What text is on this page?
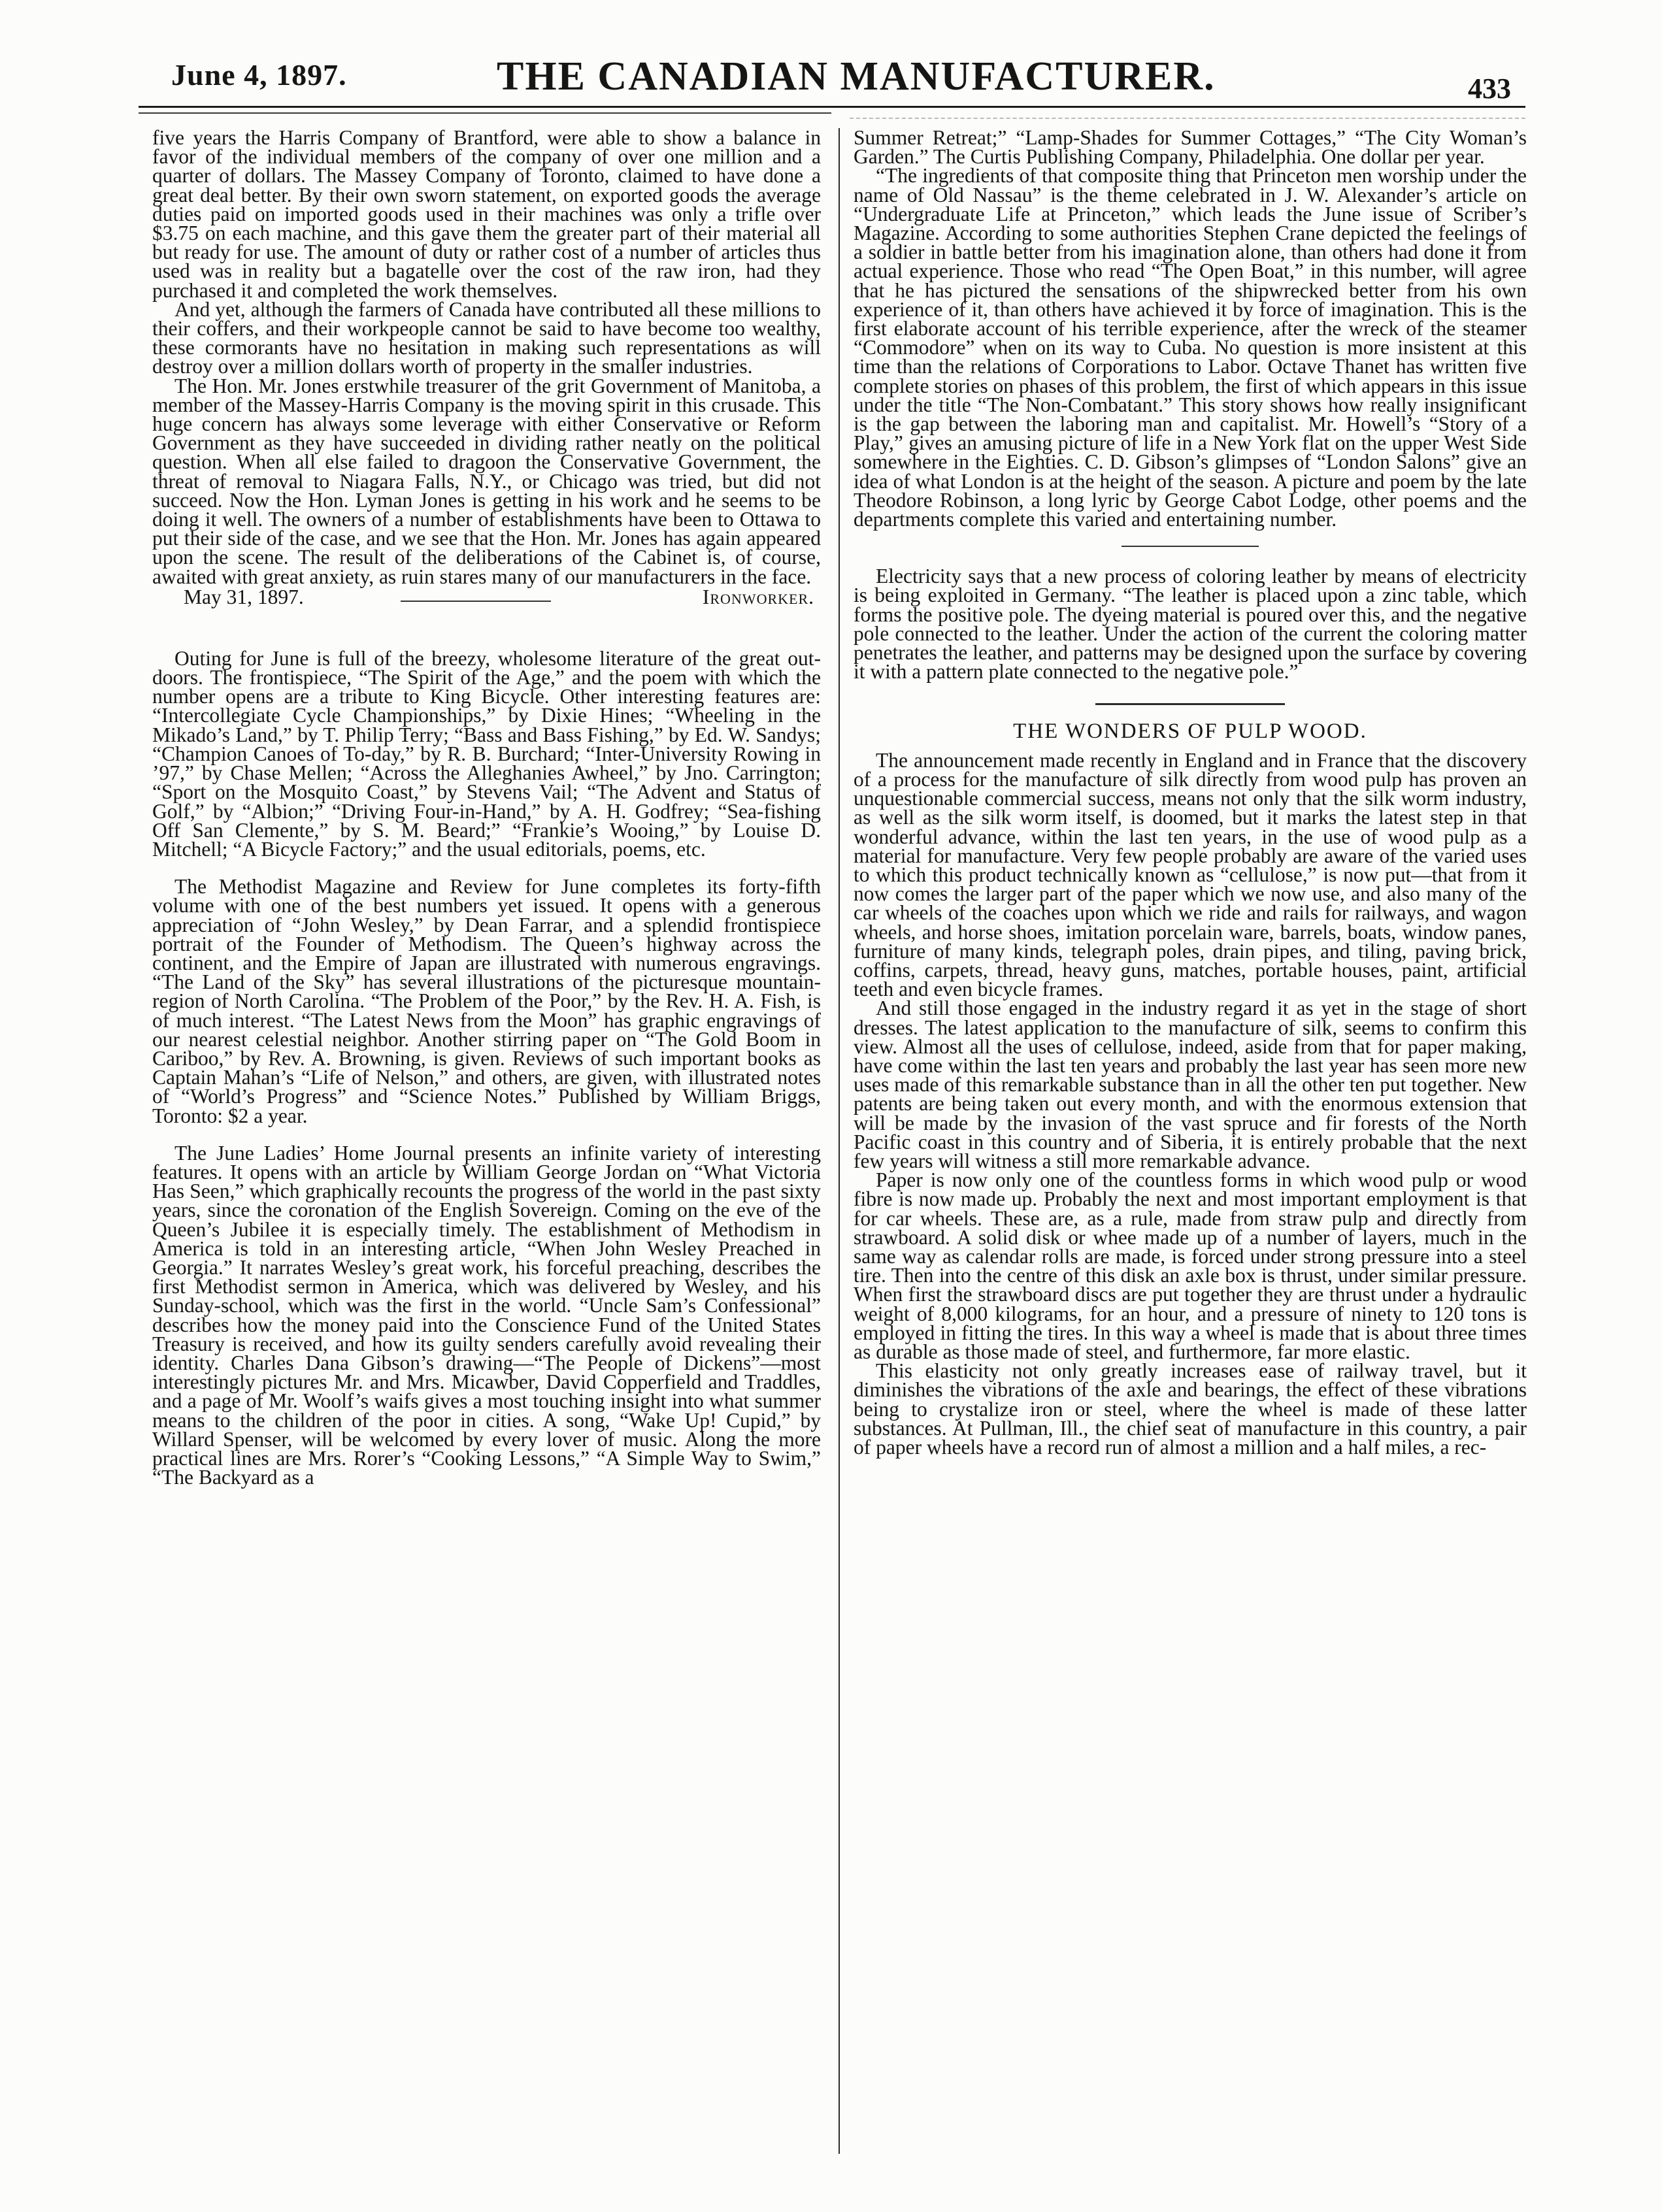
June 4, 1897.	THE CANADIAN MANUFACTURER.	433

five years the Harris Company of Brantford, were able to show a balance in favor of the individual members of the company of over one million and a quarter of dollars. The Massey Company of Toronto, claimed to have done a great deal better. By their own sworn statement, on exported goods the average duties paid on imported goods used in their machines was only a trifle over $3.75 on each machine, and this gave them the greater part of their material all but ready for use. The amount of duty or rather cost of a number of articles thus used was in reality but a bagatelle over the cost of the raw iron, had they purchased it and completed the work themselves.

And yet, although the farmers of Canada have contributed all these millions to their coffers, and their workpeople cannot be said to have become too wealthy, these cormorants have no hesitation in making such representations as will destroy over a million dollars worth of property in the smaller industries.

The Hon. Mr. Jones erstwhile treasurer of the grit Government of Manitoba, a member of the Massey-Harris Company is the moving spirit in this crusade. This huge concern has always some leverage with either Conservative or Reform Government as they have succeeded in dividing rather neatly on the political question. When all else failed to dragoon the Conservative Government, the threat of removal to Niagara Falls, N.Y., or Chicago was tried, but did not succeed. Now the Hon. Lyman Jones is getting in his work and he seems to be doing it well. The owners of a number of establishments have been to Ottawa to put their side of the case, and we see that the Hon. Mr. Jones has again appeared upon the scene. The result of the deliberations of the Cabinet is, of course, awaited with great anxiety, as ruin stares many of our manufacturers in the face.

May 31, 1897.	Ironworker.

Outing for June is full of the breezy, wholesome literature of the great out-doors. The frontispiece, “The Spirit of the Age,” and the poem with which the number opens are a tribute to King Bicycle. Other interesting features are: “Intercollegiate Cycle Championships,” by Dixie Hines; “Wheeling in the Mikado’s Land,” by T. Philip Terry; “Bass and Bass Fishing,” by Ed. W. Sandys; “Champion Canoes of To-day,” by R. B. Burchard; “Inter-University Rowing in ’97,” by Chase Mellen; “Across the Alleghanies Awheel,” by Jno. Carrington; “Sport on the Mosquito Coast,” by Stevens Vail; “The Advent and Status of Golf,” by “Albion;” “Driving Four-in-Hand,” by A. H. Godfrey; “Sea-fishing Off San Clemente,” by S. M. Beard;” “Frankie’s Wooing,” by Louise D. Mitchell; “A Bicycle Factory;” and the usual editorials, poems, etc.

The Methodist Magazine and Review for June completes its forty-fifth volume with one of the best numbers yet issued. It opens with a generous appreciation of “John Wesley,” by Dean Farrar, and a splendid frontispiece portrait of the Founder of Methodism. The Queen’s highway across the continent, and the Empire of Japan are illustrated with numerous engravings. “The Land of the Sky” has several illustrations of the picturesque mountain-region of North Carolina. “The Problem of the Poor,” by the Rev. H. A. Fish, is of much interest. “The Latest News from the Moon” has graphic engravings of our nearest celestial neighbor. Another stirring paper on “The Gold Boom in Cariboo,” by Rev. A. Browning, is given. Reviews of such important books as Captain Mahan’s “Life of Nelson,” and others, are given, with illustrated notes of “World’s Progress” and “Science Notes.” Published by William Briggs, Toronto: $2 a year.

The June Ladies’ Home Journal presents an infinite variety of interesting features. It opens with an article by William George Jordan on “What Victoria Has Seen,” which graphically recounts the progress of the world in the past sixty years, since the coronation of the English Sovereign. Coming on the eve of the Queen’s Jubilee it is especially timely. The establishment of Methodism in America is told in an interesting article, “When John Wesley Preached in Georgia.” It narrates Wesley’s great work, his forceful preaching, describes the first Methodist sermon in America, which was delivered by Wesley, and his Sunday-school, which was the first in the world. “Uncle Sam’s Confessional” describes how the money paid into the Conscience Fund of the United States Treasury is received, and how its guilty senders carefully avoid revealing their identity. Charles Dana Gibson’s drawing—“The People of Dickens”—most interestingly pictures Mr. and Mrs. Micawber, David Copperfield and Traddles, and a page of Mr. Woolf’s waifs gives a most touching insight into what summer means to the children of the poor in cities. A song, “Wake Up! Cupid,” by Willard Spenser, will be welcomed by every lover of music. Along the more practical lines are Mrs. Rorer’s “Cooking Lessons,” “A Simple Way to Swim,” “The Backyard as a

Summer Retreat;” “Lamp-Shades for Summer Cottages,” “The City Woman’s Garden.” The Curtis Publishing Company, Philadelphia. One dollar per year.

“The ingredients of that composite thing that Princeton men worship under the name of Old Nassau” is the theme celebrated in J. W. Alexander’s article on “Undergraduate Life at Princeton,” which leads the June issue of Scriber’s Magazine. According to some authorities Stephen Crane depicted the feelings of a soldier in battle better from his imagination alone, than others had done it from actual experience. Those who read “The Open Boat,” in this number, will agree that he has pictured the sensations of the shipwrecked better from his own experience of it, than others have achieved it by force of imagination. This is the first elaborate account of his terrible experience, after the wreck of the steamer “Commodore” when on its way to Cuba. No question is more insistent at this time than the relations of Corporations to Labor. Octave Thanet has written five complete stories on phases of this problem, the first of which appears in this issue under the title “The Non-Combatant.” This story shows how really insignificant is the gap between the laboring man and capitalist. Mr. Howell’s “Story of a Play,” gives an amusing picture of life in a New York flat on the upper West Side somewhere in the Eighties. C. D. Gibson’s glimpses of “London Salons” give an idea of what London is at the height of the season. A picture and poem by the late Theodore Robinson, a long lyric by George Cabot Lodge, other poems and the departments complete this varied and entertaining number.

Electricity says that a new process of coloring leather by means of electricity is being exploited in Germany. “The leather is placed upon a zinc table, which forms the positive pole. The dyeing material is poured over this, and the negative pole connected to the leather. Under the action of the current the coloring matter penetrates the leather, and patterns may be designed upon the surface by covering it with a pattern plate connected to the negative pole.”

THE WONDERS OF PULP WOOD.

The announcement made recently in England and in France that the discovery of a process for the manufacture of silk directly from wood pulp has proven an unquestionable commercial success, means not only that the silk worm industry, as well as the silk worm itself, is doomed, but it marks the latest step in that wonderful advance, within the last ten years, in the use of wood pulp as a material for manufacture. Very few people probably are aware of the varied uses to which this product technically known as “cellulose,” is now put—that from it now comes the larger part of the paper which we now use, and also many of the car wheels of the coaches upon which we ride and rails for railways, and wagon wheels, and horse shoes, imitation porcelain ware, barrels, boats, window panes, furniture of many kinds, telegraph poles, drain pipes, and tiling, paving brick, coffins, carpets, thread, heavy guns, matches, portable houses, paint, artificial teeth and even bicycle frames.

And still those engaged in the industry regard it as yet in the stage of short dresses. The latest application to the manufacture of silk, seems to confirm this view. Almost all the uses of cellulose, indeed, aside from that for paper making, have come within the last ten years and probably the last year has seen more new uses made of this remarkable substance than in all the other ten put together. New patents are being taken out every month, and with the enormous extension that will be made by the invasion of the vast spruce and fir forests of the North Pacific coast in this country and of Siberia, it is entirely probable that the next few years will witness a still more remarkable advance.

Paper is now only one of the countless forms in which wood pulp or wood fibre is now made up. Probably the next and most important employment is that for car wheels. These are, as a rule, made from straw pulp and directly from strawboard. A solid disk or whee made up of a number of layers, much in the same way as calendar rolls are made, is forced under strong pressure into a steel tire. Then into the centre of this disk an axle box is thrust, under similar pressure. When first the strawboard discs are put together they are thrust under a hydraulic weight of 8,000 kilograms, for an hour, and a pressure of ninety to 120 tons is employed in fitting the tires. In this way a wheel is made that is about three times as durable as those made of steel, and furthermore, far more elastic.

This elasticity not only greatly increases ease of railway travel, but it diminishes the vibrations of the axle and bearings, the effect of these vibrations being to crystalize iron or steel, where the wheel is made of these latter substances. At Pullman, Ill., the chief seat of manufacture in this country, a pair of paper wheels have a record run of almost a million and a half miles, a rec-
